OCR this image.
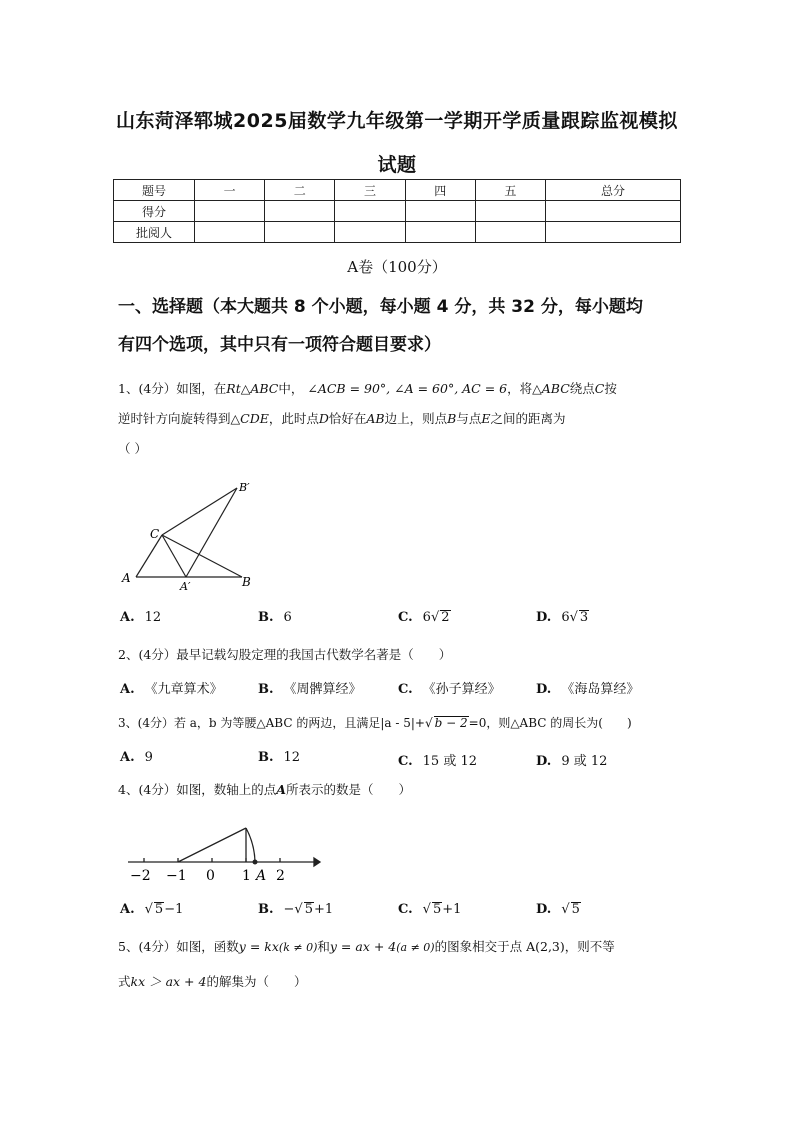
山东菏泽郓城2025届数学九年级第一学期开学质量跟踪监视模拟
试题
题号	一	二	三	四	五	总分
得分						
批阅人						
A卷（100分）
一、选择题（本大题共 8 个小题，每小题 4 分，共 32 分，每小题均
有四个选项，其中只有一项符合题目要求）
1、(4分）如图，在Rt△ABC中， ∠ACB = 90°, ∠A = 60°, AC = 6，将△ABC绕点C按
逆时针方向旋转得到△CDE，此时点D恰好在AB边上，则点B与点E之间的距离为
（ ）
C
B′
A
A′	B
A. 12	B. 6	C. 6√ 2	D. 6√ 3
2、(4分）最早记载勾股定理的我国古代数学名著是（　　）
A. 《九章算术》	B. 《周髀算经》	C. 《孙子算经》	D. 《海岛算经》
3、(4分）若 a，b 为等腰△ABC 的两边，且满足|a - 5|+√ b − 2=0，则△ABC 的周长为(　　)
A. 9	B. 12	C. 15 或 12	D. 9 或 12
4、(4分）如图，数轴上的点A所表示的数是（　　）
−2 −1 0 1 A 2
A. √ 5−1	B. −√ 5+1	C. √ 5+1	D. √ 5
5、(4分）如图，函数y = kx(k ≠ 0)和y = ax + 4(a ≠ 0)的图象相交于点 A(2,3)，则不等
式kx ＞ ax + 4的解集为（　　）
